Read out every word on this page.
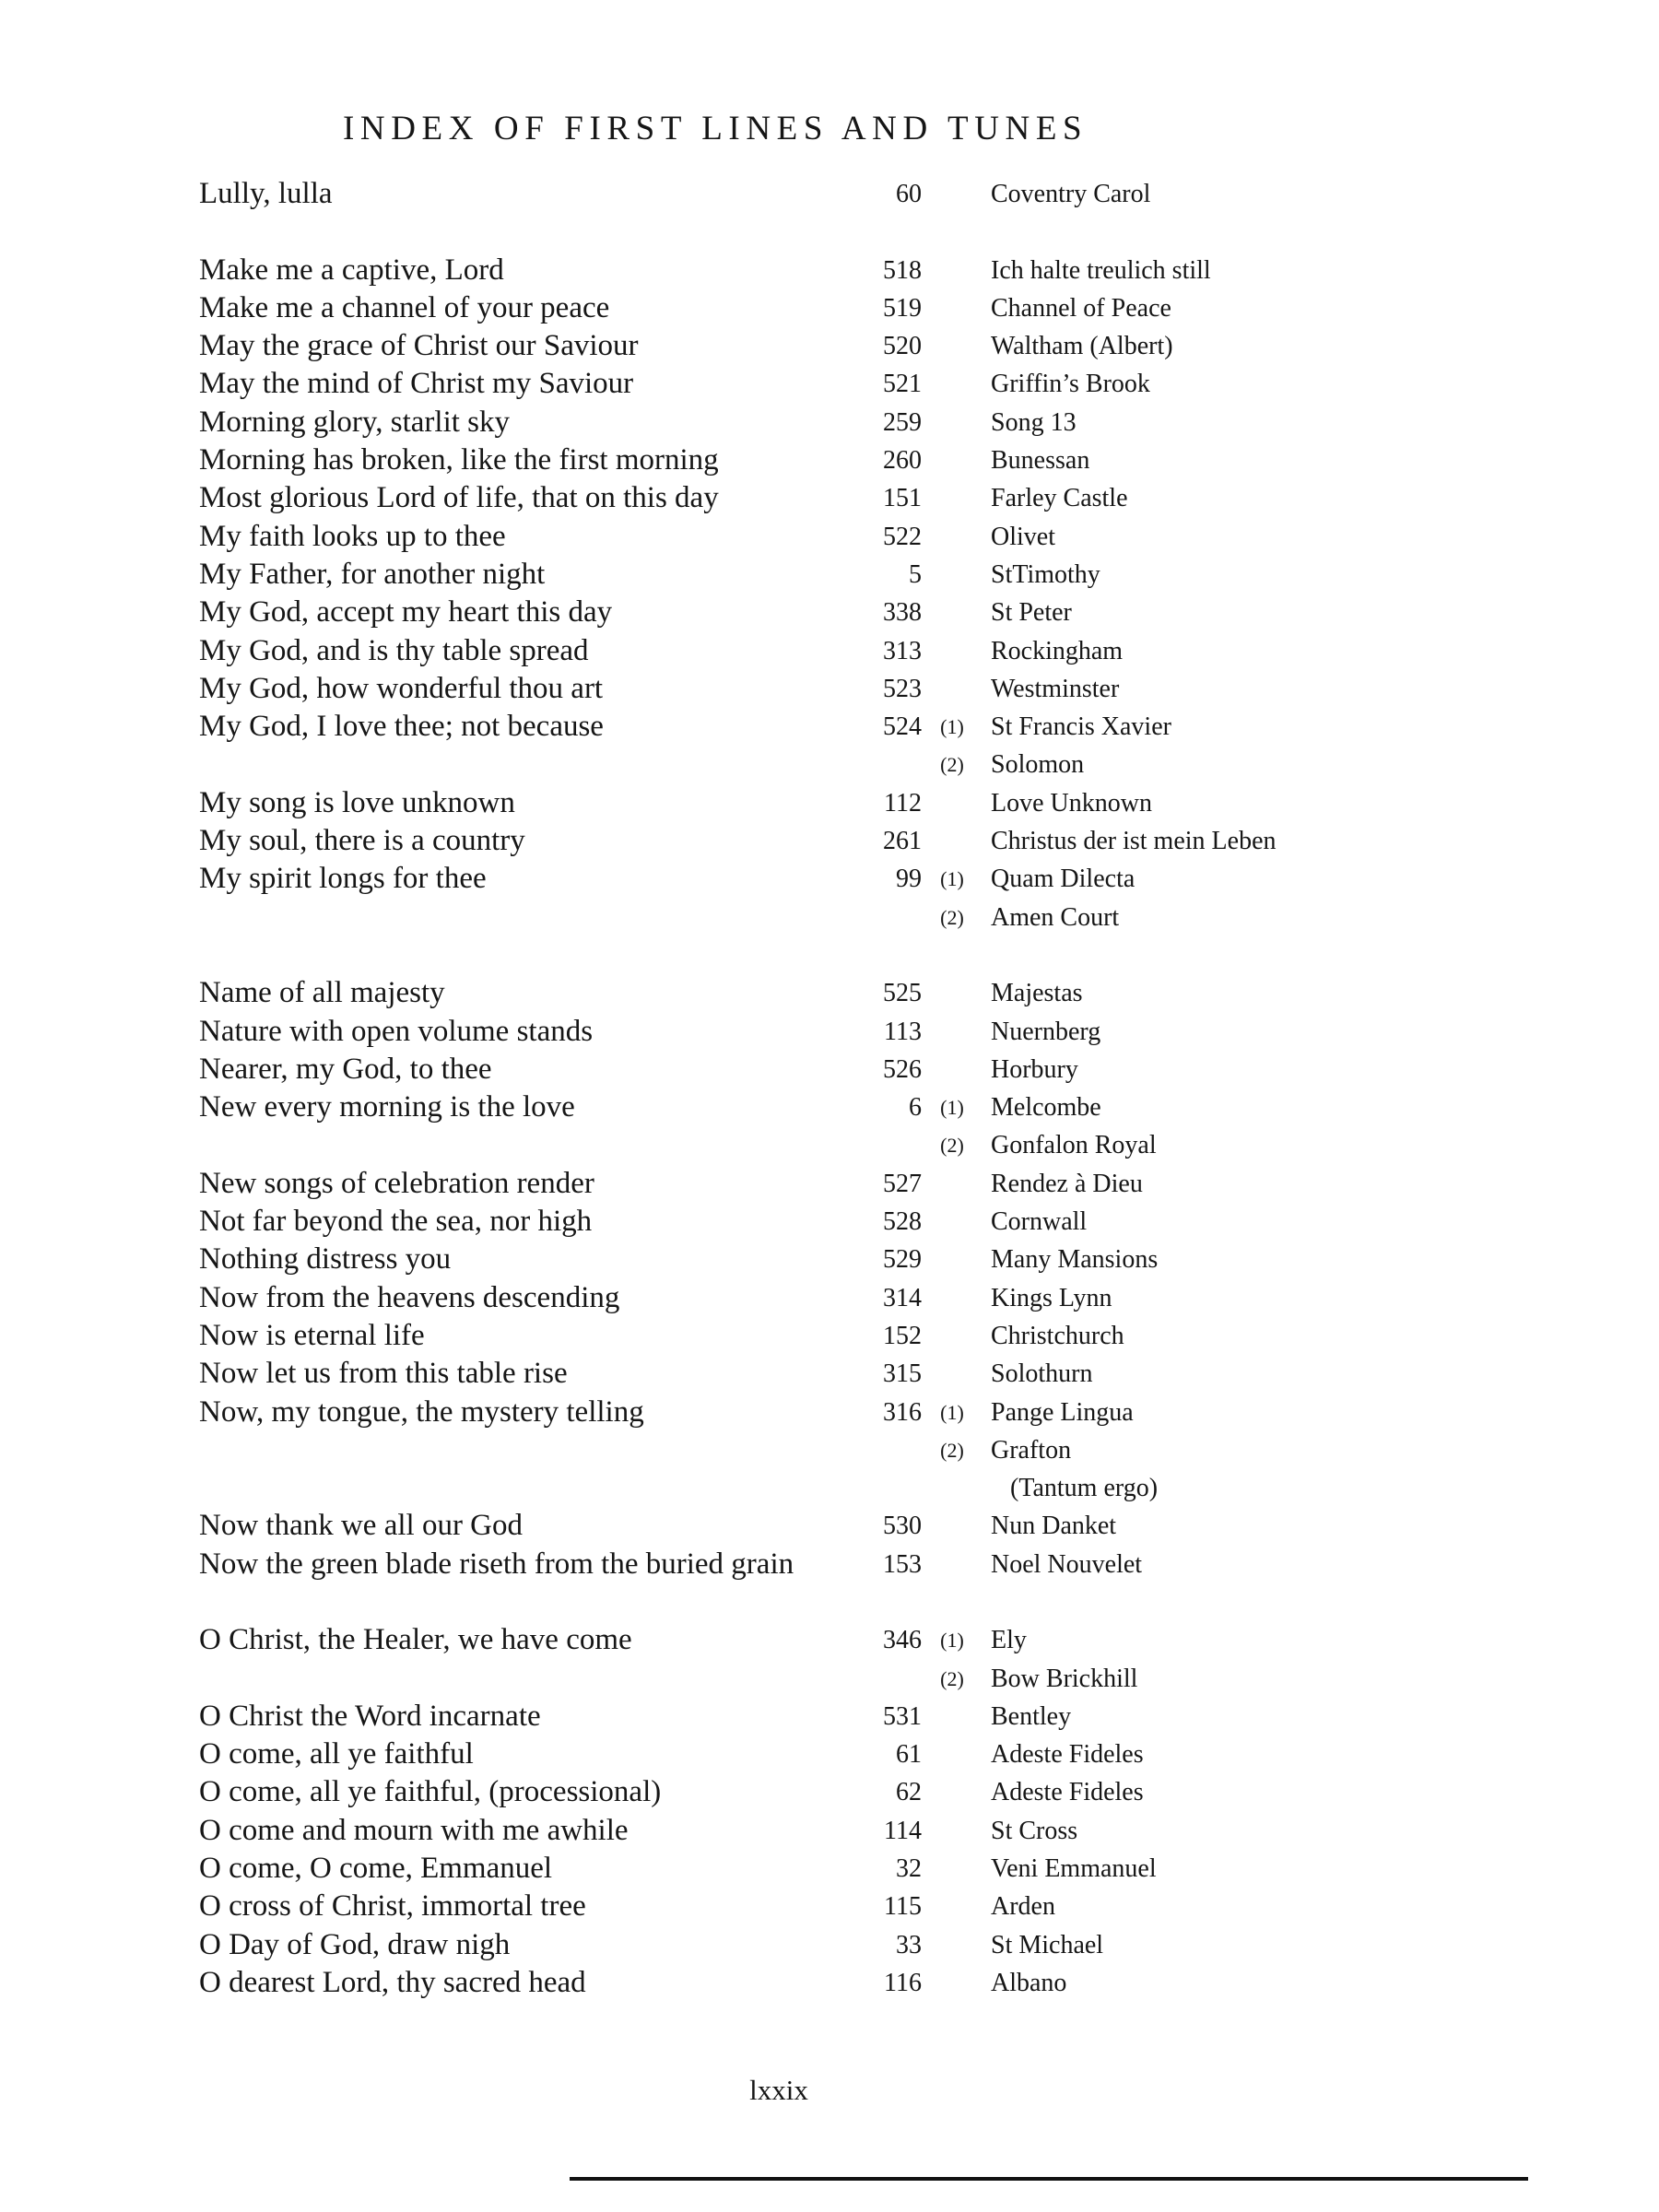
INDEX OF FIRST LINES AND TUNES
Lully, lulla	60	Coventry Carol
Make me a captive, Lord	518	Ich halte treulich still
Make me a channel of your peace	519	Channel of Peace
May the grace of Christ our Saviour	520	Waltham (Albert)
May the mind of Christ my Saviour	521	Griffin’s Brook
Morning glory, starlit sky	259	Song 13
Morning has broken, like the first morning	260	Bunessan
Most glorious Lord of life, that on this day	151	Farley Castle
My faith looks up to thee	522	Olivet
My Father, for another night	5	StTimothy
My God, accept my heart this day	338	St Peter
My God, and is thy table spread	313	Rockingham
My God, how wonderful thou art	523	Westminster
My God, I love thee; not because	524 (1)	St Francis Xavier
(2)	Solomon
My song is love unknown	112	Love Unknown
My soul, there is a country	261	Christus der ist mein Leben
My spirit longs for thee	99 (1)	Quam Dilecta
(2)	Amen Court
Name of all majesty	525	Majestas
Nature with open volume stands	113	Nuernberg
Nearer, my God, to thee	526	Horbury
New every morning is the love	6 (1)	Melcombe
(2)	Gonfalon Royal
New songs of celebration render	527	Rendez à Dieu
Not far beyond the sea, nor high	528	Cornwall
Nothing distress you	529	Many Mansions
Now from the heavens descending	314	Kings Lynn
Now is eternal life	152	Christchurch
Now let us from this table rise	315	Solothurn
Now, my tongue, the mystery telling	316 (1)	Pange Lingua
(2)	Grafton
(Tantum ergo)
Now thank we all our God	530	Nun Danket
Now the green blade riseth from the buried grain	153	Noel Nouvelet
O Christ, the Healer, we have come	346 (1)	Ely
(2)	Bow Brickhill
O Christ the Word incarnate	531	Bentley
O come, all ye faithful	61	Adeste Fideles
O come, all ye faithful, (processional)	62	Adeste Fideles
O come and mourn with me awhile	114	St Cross
O come, O come, Emmanuel	32	Veni Emmanuel
O cross of Christ, immortal tree	115	Arden
O Day of God, draw nigh	33	St Michael
O dearest Lord, thy sacred head	116	Albano
lxxix
